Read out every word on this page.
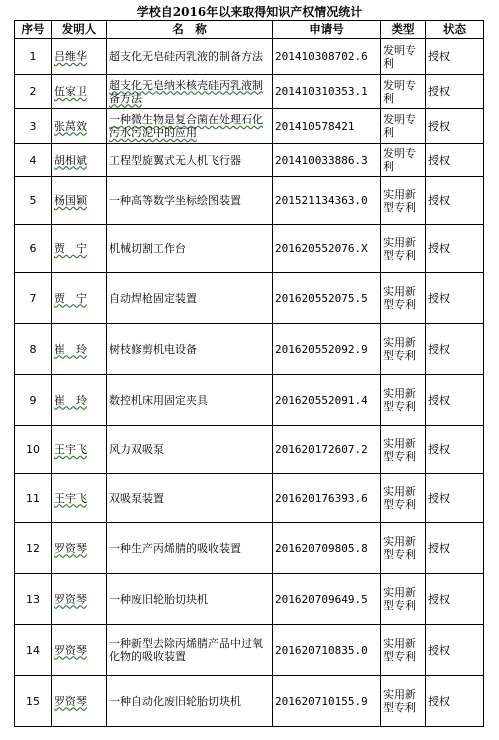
学校自2016年以来取得知识产权情况统计
序号	发明人	名　称	申请号	类型	状态
1	吕维华	超支化无皂硅丙乳液的制备方法	201410308702.6	发明专利	授权
2	伍家卫	超支化无皂纳米核壳硅丙乳液制备方法	201410310353.1	发明专利	授权
3	张莴效	一种微生物是复合菌在处理石化污水污泥中的应用	201410578421	发明专利	授权
4	胡相斌	工程型旋翼式无人机飞行器	201410033886.3	发明专利	授权
5	杨国颖	一种高等数学坐标绘图装置	201521134363.0	实用新型专利	授权
6	贾　宁	机械切割工作台	201620552076.X	实用新型专利	授权
7	贾　宁	自动焊枪固定装置	201620552075.5	实用新型专利	授权
8	崔　玲	树枝修剪机电设备	201620552092.9	实用新型专利	授权
9	崔　玲	数控机床用固定夹具	201620552091.4	实用新型专利	授权
10	王宇飞	风力双吸泵	201620172607.2	实用新型专利	授权
11	王宇飞	双吸泵装置	201620176393.6	实用新型专利	授权
12	罗资琴	一种生产丙烯腈的吸收装置	201620709805.8	实用新型专利	授权
13	罗资琴	一种废旧轮胎切块机	201620709649.5	实用新型专利	授权
14	罗资琴	一种新型去除丙烯腈产品中过氧化物的吸收装置	201620710835.0	实用新型专利	授权
15	罗资琴	一种自动化废旧轮胎切块机	201620710155.9	实用新型专利	授权
